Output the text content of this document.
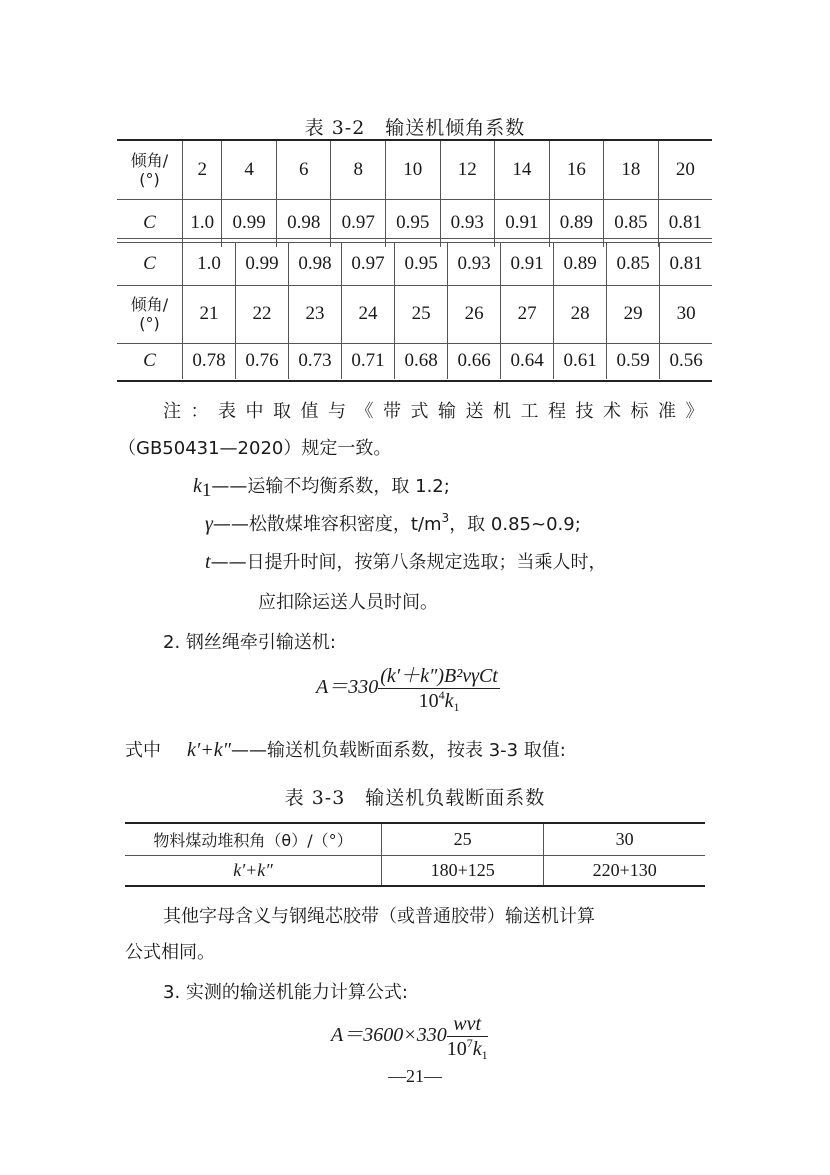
表 3-2　输送机倾角系数
倾角/
(°)	2	4	6	8	10	12	14	16	18	20
C	1.0	0.99	0.98	0.97	0.95	0.93	0.91	0.89	0.85	0.81
C	1.0	0.99	0.98	0.97	0.95	0.93	0.91	0.89	0.85	0.81
倾角/
(°)	21	22	23	24	25	26	27	28	29	30
C	0.78	0.76	0.73	0.71	0.68	0.66	0.64	0.61	0.59	0.56
注：表中取值与《带式输送机工程技术标准》
（GB50431—2020）规定一致。
$k_1——$运输不均衡系数，取 1.2;
γ——松散煤堆容积密度，$t/m^3$，取 0.85~0.9;
t——日提升时间，按第八条规定选取；当乘人时，
应扣除运送人员时间。
2. 钢丝绳牵引输送机:
$A=330 \frac{\text{(k′＋k″)B²vγCt}}{10^4k_1}$
式中 k′+k″——输送机负载断面系数，按表 3-3 取值:
表 3-3　输送机负载断面系数
物料煤动堆积角（θ）/（°）	25	30
k′+k″	180+125	220+130
其他字母含义与钢绳芯胶带（或普通胶带）输送机计算
公式相同。
3. 实测的输送机能力计算公式:
$A=3600\times 330 \frac{\text{wvt}}{10^7k_1}$
—21—
